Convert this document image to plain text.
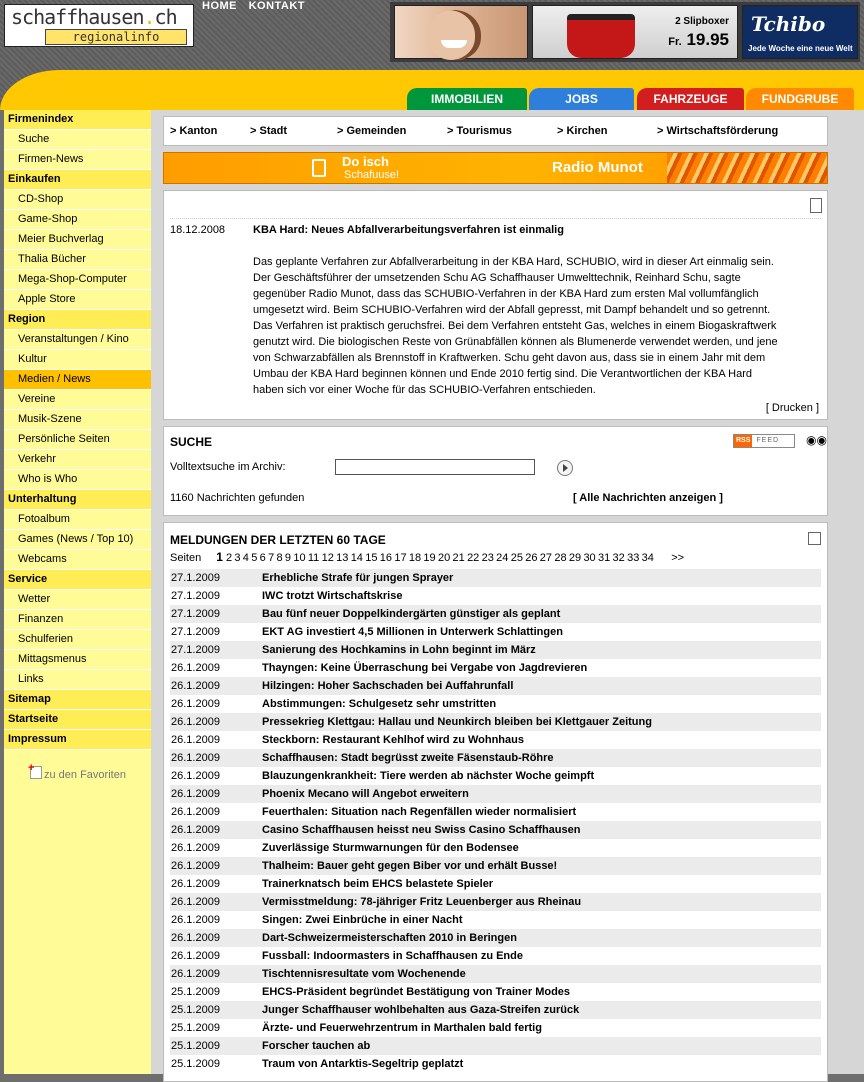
schaffhausen.ch
regionalinfo
HOME KONTAKT
2 Slipboxer
Fr. 19.95
Tchibo
Jede Woche eine neue Welt
IMMOBILIEN	JOBS	FAHRZEUGE	FUNDGRUBE
Firmenindex
Suche
Firmen-News
Einkaufen
CD-Shop
Game-Shop
Meier Buchverlag
Thalia Bücher
Mega-Shop-Computer
Apple Store
Region
Veranstaltungen / Kino
Kultur
Medien / News
Vereine
Musik-Szene
Persönliche Seiten
Verkehr
Who is Who
Unterhaltung
Fotoalbum
Games (News / Top 10)
Webcams
Service
Wetter
Finanzen
Schulferien
Mittagsmenus
Links
Sitemap
Startseite
Impressum
+zu den Favoriten
> Kanton	> Stadt	> Gemeinden	> Tourismus	> Kirchen	> Wirtschaftsförderung
Do isch
Schafuuse!	Radio Munot
18.12.2008	KBA Hard: Neues Abfallverarbeitungsverfahren ist einmalig
Das geplante Verfahren zur Abfallverarbeitung in der KBA Hard, SCHUBIO, wird in dieser Art einmalig sein. Der Geschäftsführer der umsetzenden Schu AG Schaffhauser Umwelttechnik, Reinhard Schu, sagte gegenüber Radio Munot, dass das SCHUBIO-Verfahren in der KBA Hard zum ersten Mal vollumfänglich umgesetzt wird. Beim SCHUBIO-Verfahren wird der Abfall gepresst, mit Dampf behandelt und so getrennt. Das Verfahren ist praktisch geruchsfrei. Bei dem Verfahren entsteht Gas, welches in einem Biogaskraftwerk genutzt wird. Die biologischen Reste von Grünabfällen können als Blumenerde verwendet werden, und jene von Schwarzabfällen als Brennstoff in Kraftwerken. Schu geht davon aus, dass sie in einem Jahr mit dem Umbau der KBA Hard beginnen können und Ende 2010 fertig sind. Die Verantwortlichen der KBA Hard haben sich vor einer Woche für das SCHUBIO-Verfahren entschieden.
[ Drucken ]
SUCHE	RSS FEED	◉◉
Volltextsuche im Archiv:
1160 Nachrichten gefunden	[ Alle Nachrichten anzeigen ]
MELDUNGEN DER LETZTEN 60 TAGE
Seiten 1 2 3 4 5 6 7 8 9 10 11 12 13 14 15 16 17 18 19 20 21 22 23 24 25 26 27 28 29 30 31 32 33 34 >>
27.1.2009	Erhebliche Strafe für jungen Sprayer
27.1.2009	IWC trotzt Wirtschaftskrise
27.1.2009	Bau fünf neuer Doppelkindergärten günstiger als geplant
27.1.2009	EKT AG investiert 4,5 Millionen in Unterwerk Schlattingen
27.1.2009	Sanierung des Hochkamins in Lohn beginnt im März
26.1.2009	Thayngen: Keine Überraschung bei Vergabe von Jagdrevieren
26.1.2009	Hilzingen: Hoher Sachschaden bei Auffahrunfall
26.1.2009	Abstimmungen: Schulgesetz sehr umstritten
26.1.2009	Pressekrieg Klettgau: Hallau und Neunkirch bleiben bei Klettgauer Zeitung
26.1.2009	Steckborn: Restaurant Kehlhof wird zu Wohnhaus
26.1.2009	Schaffhausen: Stadt begrüsst zweite Fäsenstaub-Röhre
26.1.2009	Blauzungenkrankheit: Tiere werden ab nächster Woche geimpft
26.1.2009	Phoenix Mecano will Angebot erweitern
26.1.2009	Feuerthalen: Situation nach Regenfällen wieder normalisiert
26.1.2009	Casino Schaffhausen heisst neu Swiss Casino Schaffhausen
26.1.2009	Zuverlässige Sturmwarnungen für den Bodensee
26.1.2009	Thalheim: Bauer geht gegen Biber vor und erhält Busse!
26.1.2009	Trainerknatsch beim EHCS belastete Spieler
26.1.2009	Vermisstmeldung: 78-jähriger Fritz Leuenberger aus Rheinau
26.1.2009	Singen: Zwei Einbrüche in einer Nacht
26.1.2009	Dart-Schweizermeisterschaften 2010 in Beringen
26.1.2009	Fussball: Indoormasters in Schaffhausen zu Ende
26.1.2009	Tischtennisresultate vom Wochenende
25.1.2009	EHCS-Präsident begründet Bestätigung von Trainer Modes
25.1.2009	Junger Schaffhauser wohlbehalten aus Gaza-Streifen zurück
25.1.2009	Ärzte- und Feuerwehrzentrum in Marthalen bald fertig
25.1.2009	Forscher tauchen ab
25.1.2009	Traum von Antarktis-Segeltrip geplatzt
